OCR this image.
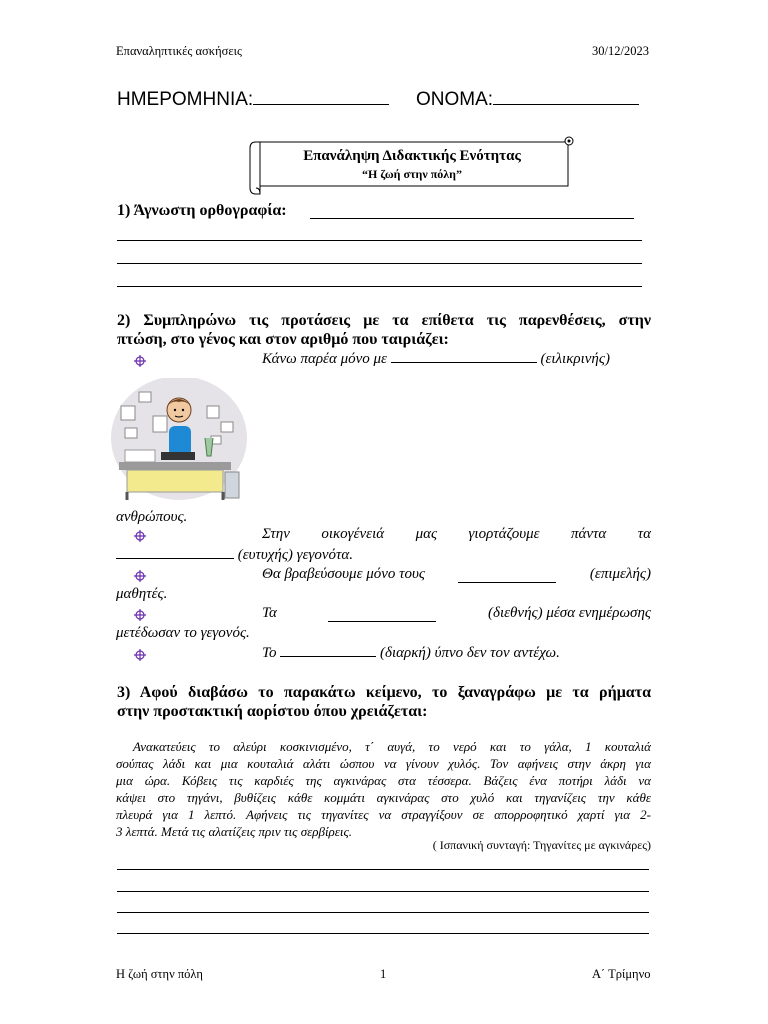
Επαναληπτικές ασκήσεις	30/12/2023
ΗΜΕΡΟΜΗΝΙΑ:	ΟΝΟΜΑ:
Επανάληψη Διδακτικής Ενότητας
“Η ζωή στην πόλη”
1) Άγνωστη ορθογραφία:
2) Συμπληρώνω τις προτάσεις με τα επίθετα τις παρενθέσεις, στην
πτώση, στο γένος και στον αριθμό που ταιριάζει:
Κάνω παρέα μόνο με	(ειλικρινής)
ανθρώπους.
Στην οικογένειά μας γιορτάζουμε πάντα τα
(ευτυχής) γεγονότα.
Θα βραβεύσουμε μόνο τους	(επιμελής)
μαθητές.
Τα	(διεθνής) μέσα ενημέρωσης
μετέδωσαν το γεγονός.
Το	(διαρκή) ύπνο δεν τον αντέχω.
3) Αφού διαβάσω το παρακάτω κείμενο, το ξαναγράφω με τα ρήματα
στην προστακτική αορίστου όπου χρειάζεται:
Ανακατεύεις το αλεύρι κοσκινισμένο, τ΄ αυγά, το νερό και το γάλα, 1 κουταλιά
σούπας λάδι και μια κουταλιά αλάτι ώσπου να γίνουν χυλός. Τον αφήνεις στην άκρη για
μια ώρα. Κόβεις τις καρδιές της αγκινάρας στα τέσσερα. Βάζεις ένα ποτήρι λάδι να
κάψει στο τηγάνι, βυθίζεις κάθε κομμάτι αγκινάρας στο χυλό και τηγανίζεις την κάθε
πλευρά για 1 λεπτό. Αφήνεις τις τηγανίτες να στραγγίξουν σε απορροφητικό χαρτί για 2-
3 λεπτά. Μετά τις αλατίζεις πριν τις σερβίρεις.
( Ισπανική συνταγή: Τηγανίτες με αγκινάρες)
Η ζωή στην πόλη	1	Α΄ Τρίμηνο
